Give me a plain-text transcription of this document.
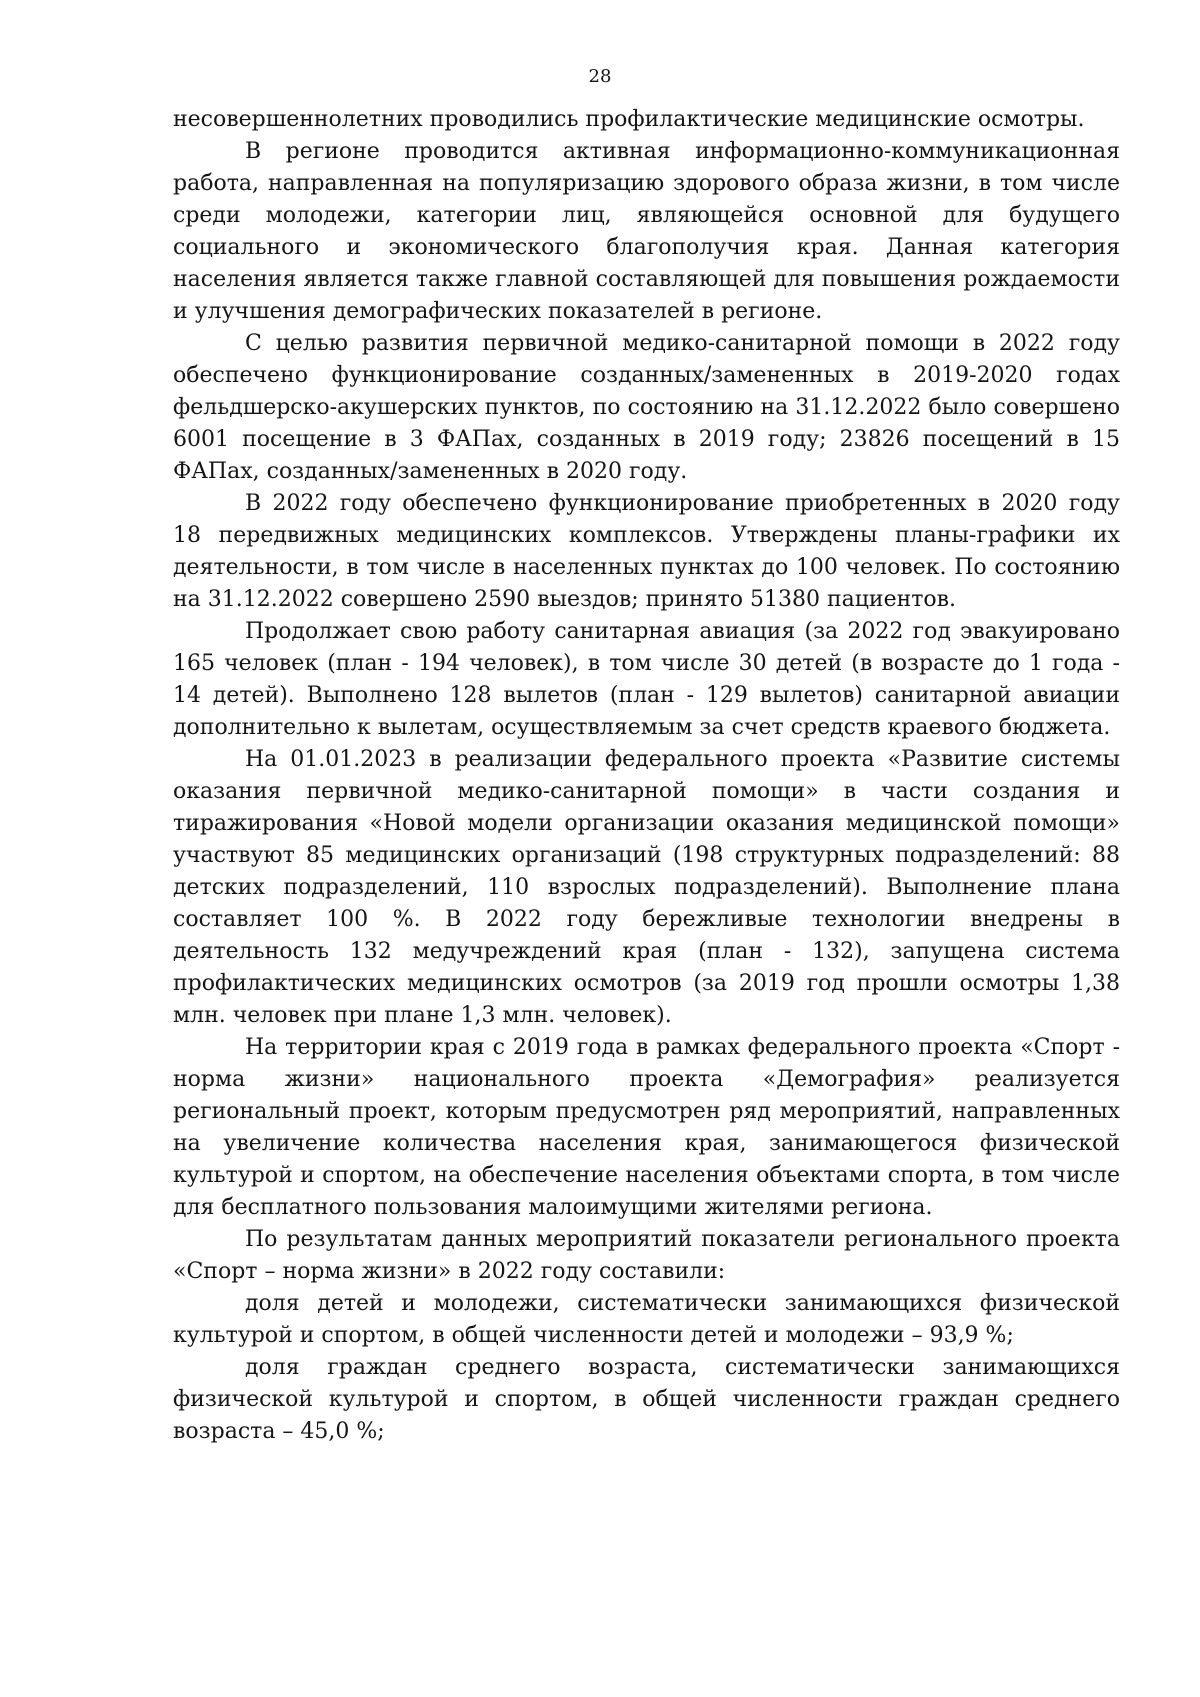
28

несовершеннолетних проводились профилактические медицинские осмотры.

В регионе проводится активная информационно-коммуникационная работа, направленная на популяризацию здорового образа жизни, в том числе среди молодежи, категории лиц, являющейся основной для будущего социального и экономического благополучия края. Данная категория населения является также главной составляющей для повышения рождаемости и улучшения демографических показателей в регионе.

С целью развития первичной медико-санитарной помощи в 2022 году обеспечено функционирование созданных/замененных в 2019-2020 годах фельдшерско-акушерских пунктов, по состоянию на 31.12.2022 было совершено 6001 посещение в 3 ФАПах, созданных в 2019 году; 23826 посещений в 15 ФАПах, созданных/замененных в 2020 году.

В 2022 году обеспечено функционирование приобретенных в 2020 году 18 передвижных медицинских комплексов. Утверждены планы-графики их деятельности, в том числе в населенных пунктах до 100 человек. По состоянию на 31.12.2022 совершено 2590 выездов; принято 51380 пациентов.

Продолжает свою работу санитарная авиация (за 2022 год эвакуировано 165 человек (план - 194 человек), в том числе 30 детей (в возрасте до 1 года - 14 детей). Выполнено 128 вылетов (план - 129 вылетов) санитарной авиации дополнительно к вылетам, осуществляемым за счет средств краевого бюджета.

На 01.01.2023 в реализации федерального проекта «Развитие системы оказания первичной медико-санитарной помощи» в части создания и тиражирования «Новой модели организации оказания медицинской помощи» участвуют 85 медицинских организаций (198 структурных подразделений: 88 детских подразделений, 110 взрослых подразделений). Выполнение плана составляет 100 %. В 2022 году бережливые технологии внедрены в деятельность 132 медучреждений края (план - 132), запущена система профилактических медицинских осмотров (за 2019 год прошли осмотры 1,38 млн. человек при плане 1,3 млн. человек).

На территории края с 2019 года в рамках федерального проекта «Спорт - норма жизни» национального проекта «Демография» реализуется региональный проект, которым предусмотрен ряд мероприятий, направленных на увеличение количества населения края, занимающегося физической культурой и спортом, на обеспечение населения объектами спорта, в том числе для бесплатного пользования малоимущими жителями региона.

По результатам данных мероприятий показатели регионального проекта «Спорт – норма жизни» в 2022 году составили:

доля детей и молодежи, систематически занимающихся физической культурой и спортом, в общей численности детей и молодежи – 93,9 %;

доля граждан среднего возраста, систематически занимающихся физической культурой и спортом, в общей численности граждан среднего возраста – 45,0 %;
